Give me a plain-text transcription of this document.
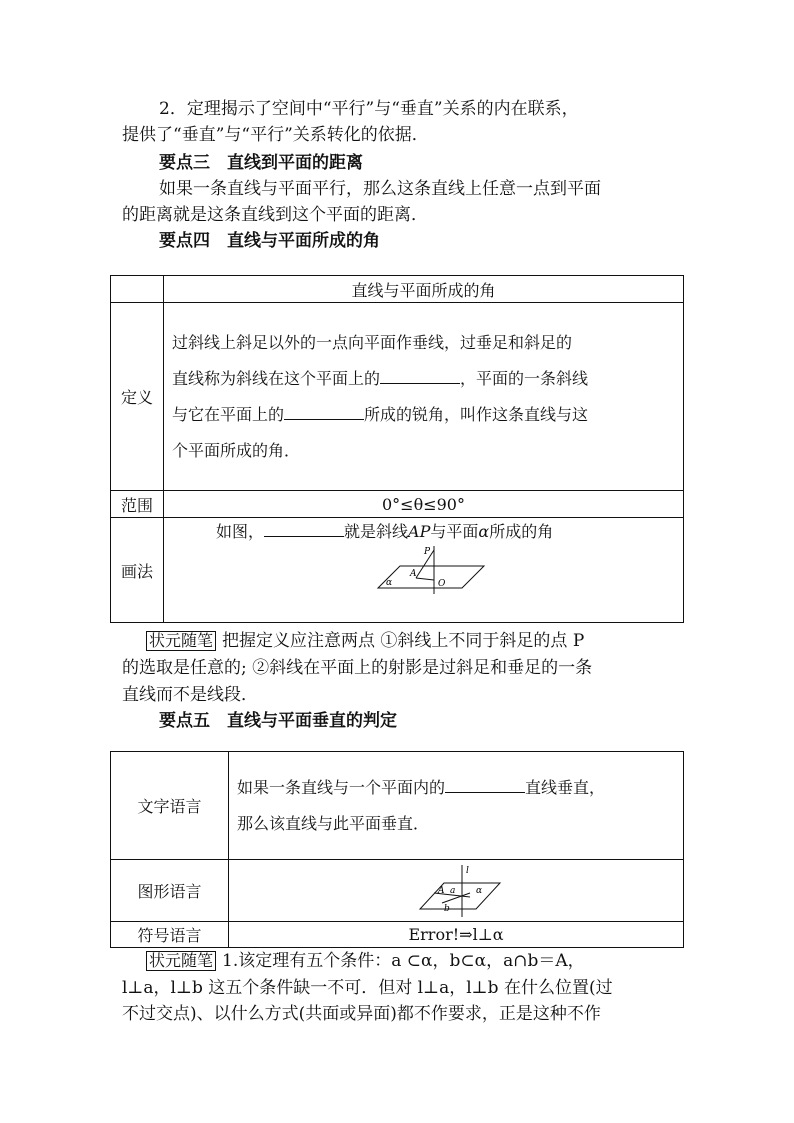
2．定理揭示了空间中“平行”与“垂直”关系的内在联系，
提供了“垂直”与“平行”关系转化的依据．
要点三　直线到平面的距离
如果一条直线与平面平行，那么这条直线上任意一点到平面
的距离就是这条直线到这个平面的距离．
要点四　直线与平面所成的角
	直线与平面所成的角
定义	过斜线上斜足以外的一点向平面作垂线，过垂足和斜足的
直线称为斜线在这个平面上的 ，平面的一条斜线
与它在平面上的 所成的锐角，叫作这条直线与这
个平面所成的角．

范围	0°≤θ≤90°
画法	如图， 就是斜线AP与平面α所成的角
P
A
α O
状元随笔 把握定义应注意两点 ①斜线上不同于斜足的点 P
的选取是任意的; ②斜线在平面上的射影是过斜足和垂足的一条
直线而不是线段．
要点五　直线与平面垂直的判定
文字语言	如果一条直线与一个平面内的 直线垂直，
那么该直线与此平面垂直．

图形语言	l
A a
b
α

符号语言	Error!⇒l⊥α
状元随笔 1.该定理有五个条件：a ⊂α，b⊂α，a∩b＝A，
l⊥a，l⊥b 这五个条件缺一不可．但对 l⊥a，l⊥b 在什么位置(过
不过交点)、以什么方式(共面或异面)都不作要求，正是这种不作
